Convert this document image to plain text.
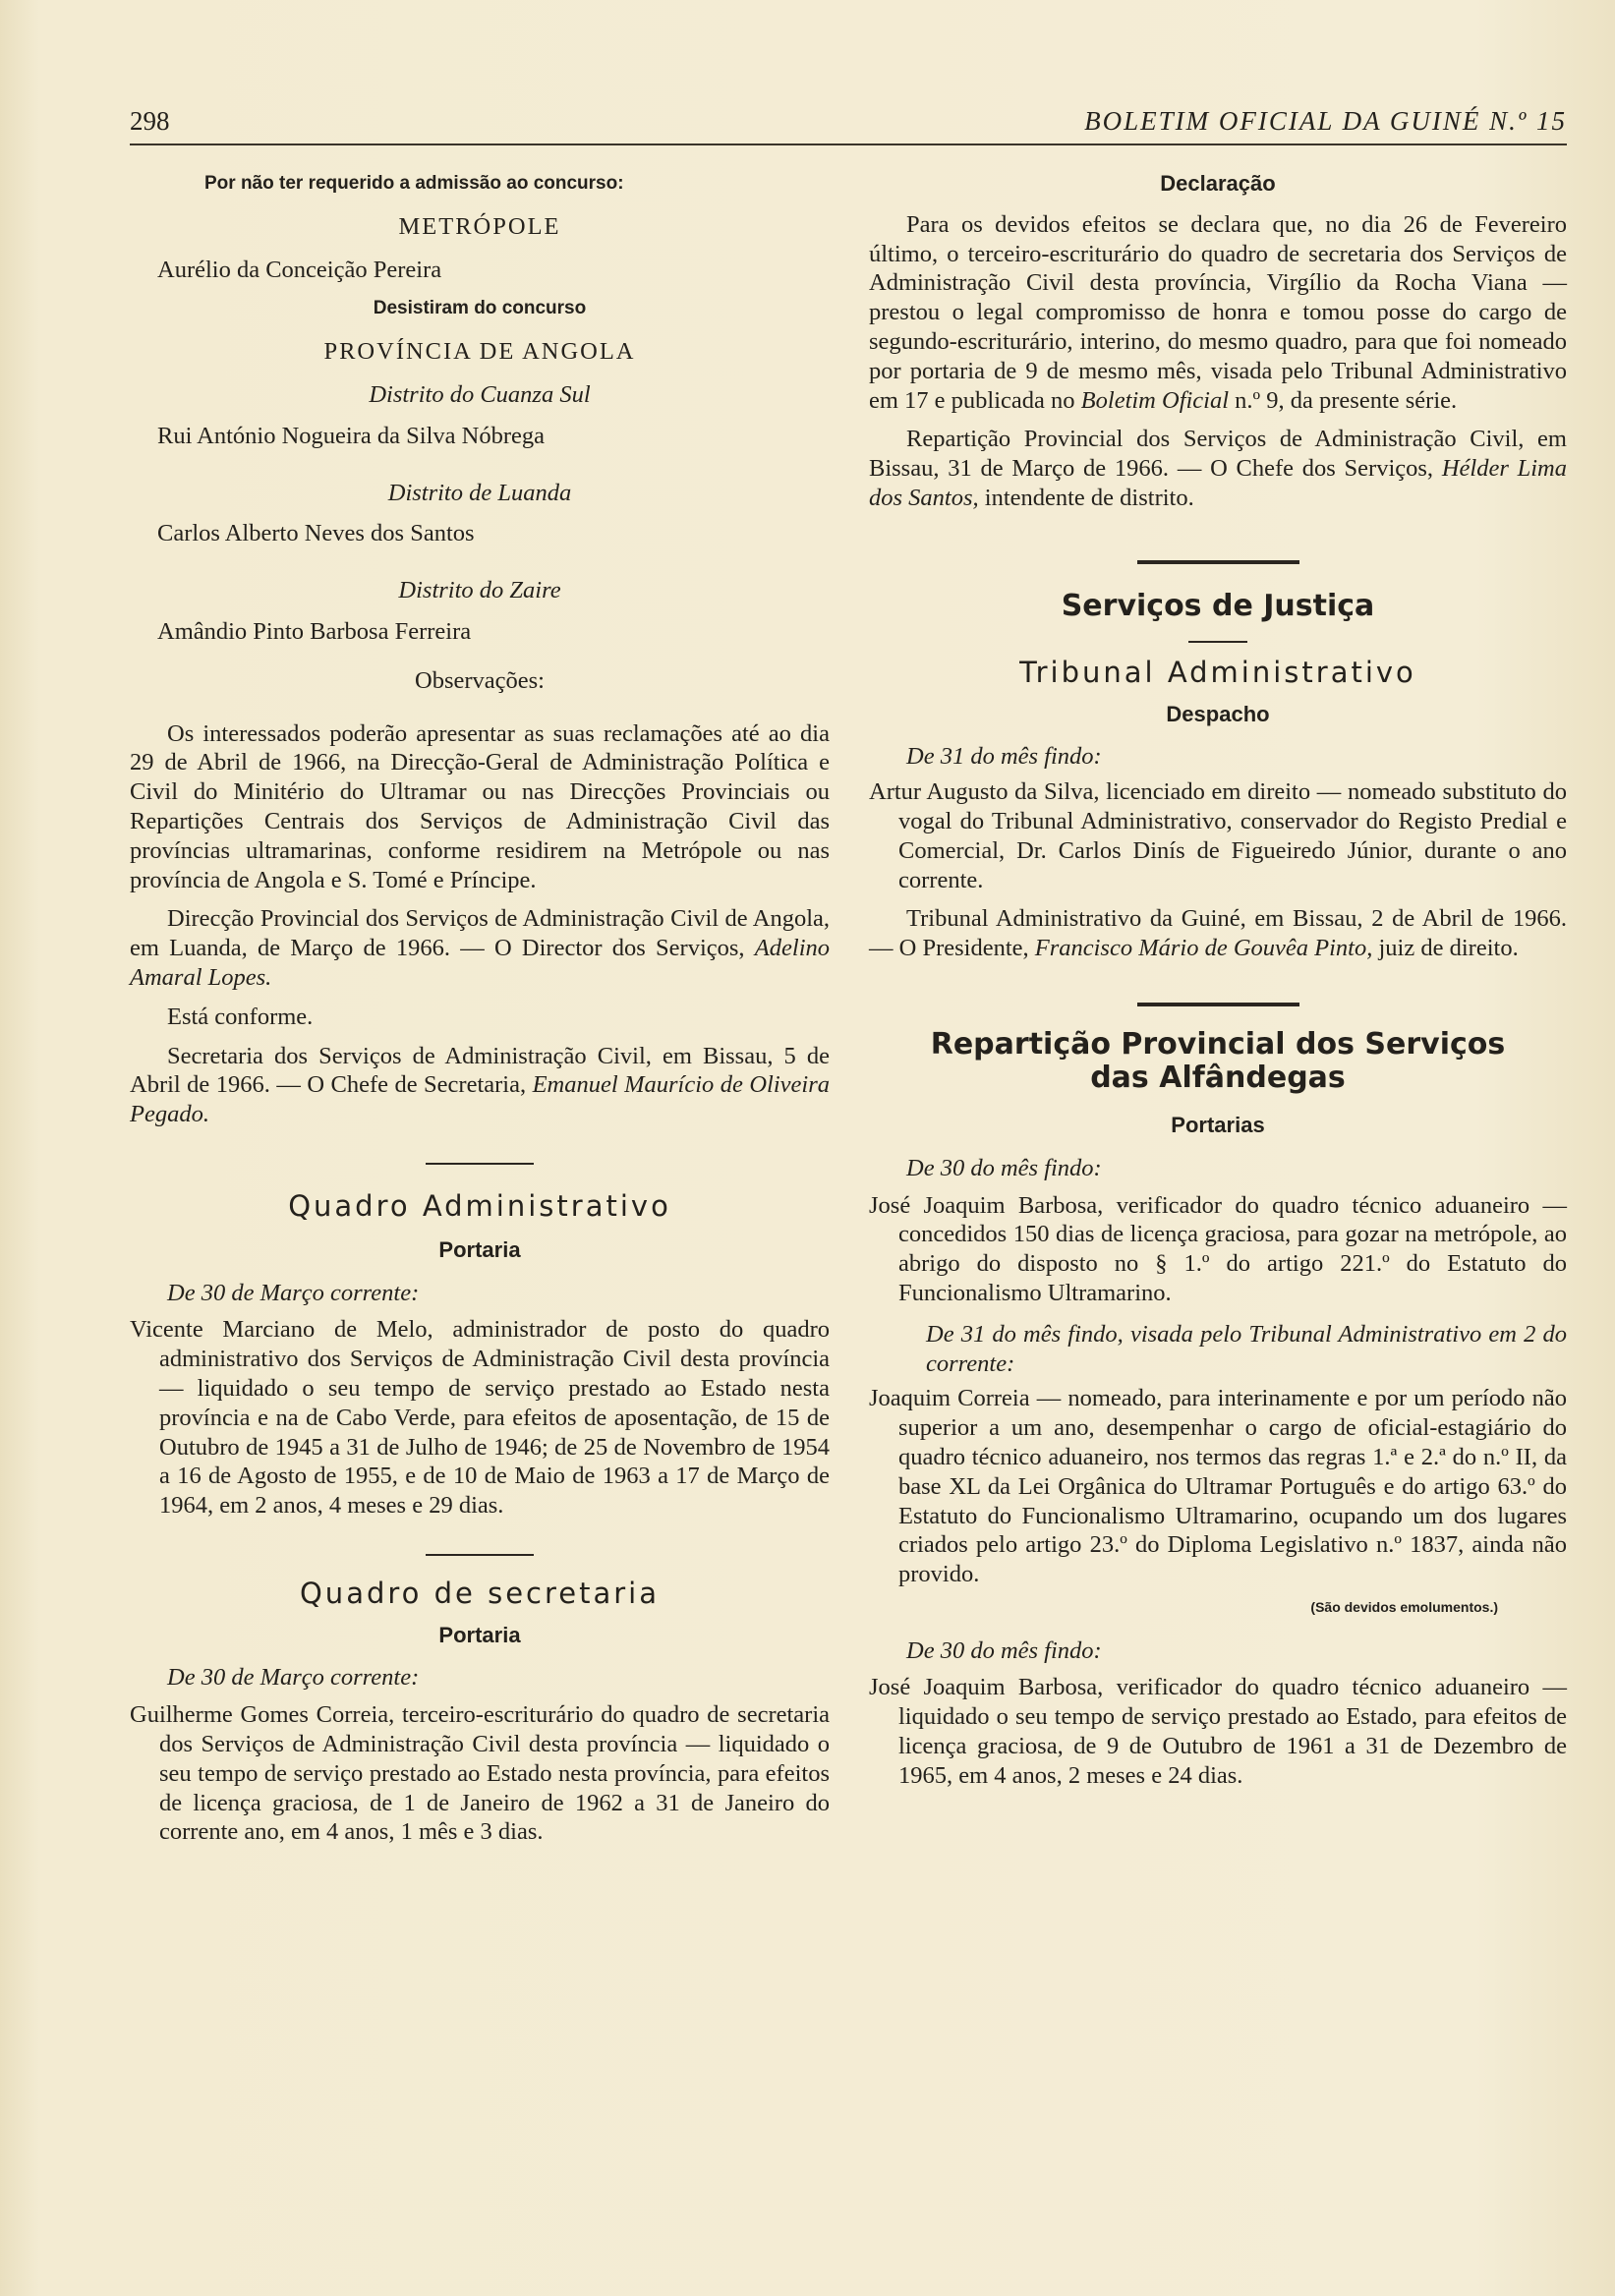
298	BOLETIM OFICIAL DA GUINÉ N.º 15

Por não ter requerido a admissão ao concurso:

METRÓPOLE

Aurélio da Conceição Pereira

Desistiram do concurso

PROVÍNCIA DE ANGOLA

Distrito do Cuanza Sul

Rui António Nogueira da Silva Nóbrega

Distrito de Luanda

Carlos Alberto Neves dos Santos

Distrito do Zaire

Amândio Pinto Barbosa Ferreira

Observações:

Os interessados poderão apresentar as suas reclamações até ao dia 29 de Abril de 1966, na Direcção-Geral de Administração Política e Civil do Minitério do Ultramar ou nas Direcções Provinciais ou Repartições Centrais dos Serviços de Administração Civil das províncias ultramarinas, conforme residirem na Metrópole ou nas província de Angola e S. Tomé e Príncipe.

Direcção Provincial dos Serviços de Administração Civil de Angola, em Luanda, de Março de 1966. — O Director dos Serviços, Adelino Amaral Lopes.

Está conforme.

Secretaria dos Serviços de Administração Civil, em Bissau, 5 de Abril de 1966. — O Chefe de Secretaria, Emanuel Maurício de Oliveira Pegado.

Quadro Administrativo

Portaria

De 30 de Março corrente:

Vicente Marciano de Melo, administrador de posto do quadro administrativo dos Serviços de Administração Civil desta província — liquidado o seu tempo de serviço prestado ao Estado nesta província e na de Cabo Verde, para efeitos de aposentação, de 15 de Outubro de 1945 a 31 de Julho de 1946; de 25 de Novembro de 1954 a 16 de Agosto de 1955, e de 10 de Maio de 1963 a 17 de Março de 1964, em 2 anos, 4 meses e 29 dias.

Quadro de secretaria

Portaria

De 30 de Março corrente:

Guilherme Gomes Correia, terceiro-escriturário do quadro de secretaria dos Serviços de Administração Civil desta província — liquidado o seu tempo de serviço prestado ao Estado nesta província, para efeitos de licença graciosa, de 1 de Janeiro de 1962 a 31 de Janeiro do corrente ano, em 4 anos, 1 mês e 3 dias.

Declaração

Para os devidos efeitos se declara que, no dia 26 de Fevereiro último, o terceiro-escriturário do quadro de secretaria dos Serviços de Administração Civil desta província, Virgílio da Rocha Viana — prestou o legal compromisso de honra e tomou posse do cargo de segundo-escriturário, interino, do mesmo quadro, para que foi nomeado por portaria de 9 de mesmo mês, visada pelo Tribunal Administrativo em 17 e publicada no Boletim Oficial n.º 9, da presente série.

Repartição Provincial dos Serviços de Administração Civil, em Bissau, 31 de Março de 1966. — O Chefe dos Serviços, Hélder Lima dos Santos, intendente de distrito.

Serviços de Justiça

Tribunal Administrativo

Despacho

De 31 do mês findo:

Artur Augusto da Silva, licenciado em direito — nomeado substituto do vogal do Tribunal Administrativo, conservador do Registo Predial e Comercial, Dr. Carlos Dinís de Figueiredo Júnior, durante o ano corrente.

Tribunal Administrativo da Guiné, em Bissau, 2 de Abril de 1966. — O Presidente, Francisco Mário de Gouvêa Pinto, juiz de direito.

Repartição Provincial dos Serviços

das Alfândegas

Portarias

De 30 do mês findo:

José Joaquim Barbosa, verificador do quadro técnico aduaneiro — concedidos 150 dias de licença graciosa, para gozar na metrópole, ao abrigo do disposto no § 1.º do artigo 221.º do Estatuto do Funcionalismo Ultramarino.

De 31 do mês findo, visada pelo Tribunal Administrativo em 2 do corrente:

Joaquim Correia — nomeado, para interinamente e por um período não superior a um ano, desempenhar o cargo de oficial-estagiário do quadro técnico aduaneiro, nos termos das regras 1.ª e 2.ª do n.º II, da base XL da Lei Orgânica do Ultramar Português e do artigo 63.º do Estatuto do Funcionalismo Ultramarino, ocupando um dos lugares criados pelo artigo 23.º do Diploma Legislativo n.º 1837, ainda não provido.

(São devidos emolumentos.)

De 30 do mês findo:

José Joaquim Barbosa, verificador do quadro técnico aduaneiro — liquidado o seu tempo de serviço prestado ao Estado, para efeitos de licença graciosa, de 9 de Outubro de 1961 a 31 de Dezembro de 1965, em 4 anos, 2 meses e 24 dias.
